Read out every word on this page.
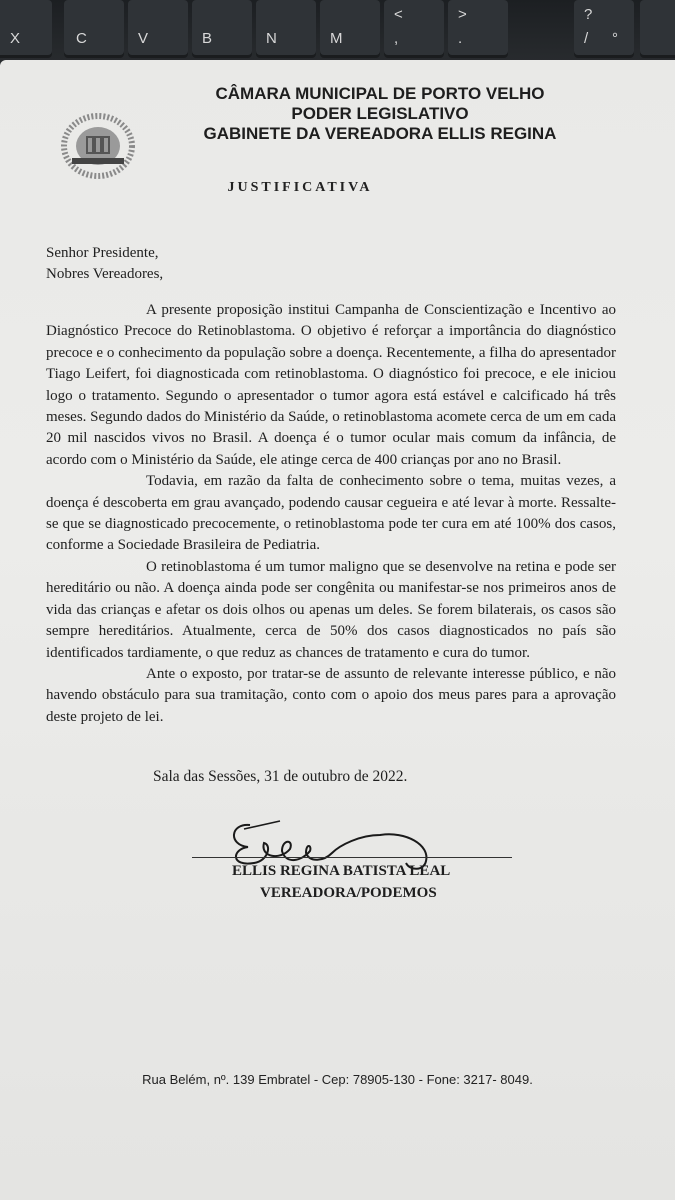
X	C	V	B	N	M
<
,
>
.
?
/ °
CÂMARA MUNICIPAL DE PORTO VELHO
PODER LEGISLATIVO
GABINETE DA VEREADORA ELLIS REGINA
JUSTIFICATIVA
Senhor Presidente,
Nobres Vereadores,

A presente proposição institui Campanha de Conscientização e Incentivo ao Diagnóstico Precoce do Retinoblastoma. O objetivo é reforçar a importância do diagnóstico precoce e o conhecimento da população sobre a doença. Recentemente, a filha do apresentador Tiago Leifert, foi diagnosticada com retinoblastoma. O diagnóstico foi precoce, e ele iniciou logo o tratamento. Segundo o apresentador o tumor agora está estável e calcificado há três meses. Segundo dados do Ministério da Saúde, o retinoblastoma acomete cerca de um em cada 20 mil nascidos vivos no Brasil. A doença é o tumor ocular mais comum da infância, de acordo com o Ministério da Saúde, ele atinge cerca de 400 crianças por ano no Brasil.

Todavia, em razão da falta de conhecimento sobre o tema, muitas vezes, a doença é descoberta em grau avançado, podendo causar cegueira e até levar à morte. Ressalte-se que se diagnosticado precocemente, o retinoblastoma pode ter cura em até 100% dos casos, conforme a Sociedade Brasileira de Pediatria.

O retinoblastoma é um tumor maligno que se desenvolve na retina e pode ser hereditário ou não. A doença ainda pode ser congênita ou manifestar-se nos primeiros anos de vida das crianças e afetar os dois olhos ou apenas um deles. Se forem bilaterais, os casos são sempre hereditários. Atualmente, cerca de 50% dos casos diagnosticados no país são identificados tardiamente, o que reduz as chances de tratamento e cura do tumor.

Ante o exposto, por tratar-se de assunto de relevante interesse público, e não havendo obstáculo para sua tramitação, conto com o apoio dos meus pares para a aprovação deste projeto de lei.

Sala das Sessões, 31 de outubro de 2022.
ELLIS REGINA BATISTA LEAL
VEREADORA/PODEMOS
Rua Belém, nº. 139 Embratel - Cep: 78905-130 - Fone: 3217- 8049.
